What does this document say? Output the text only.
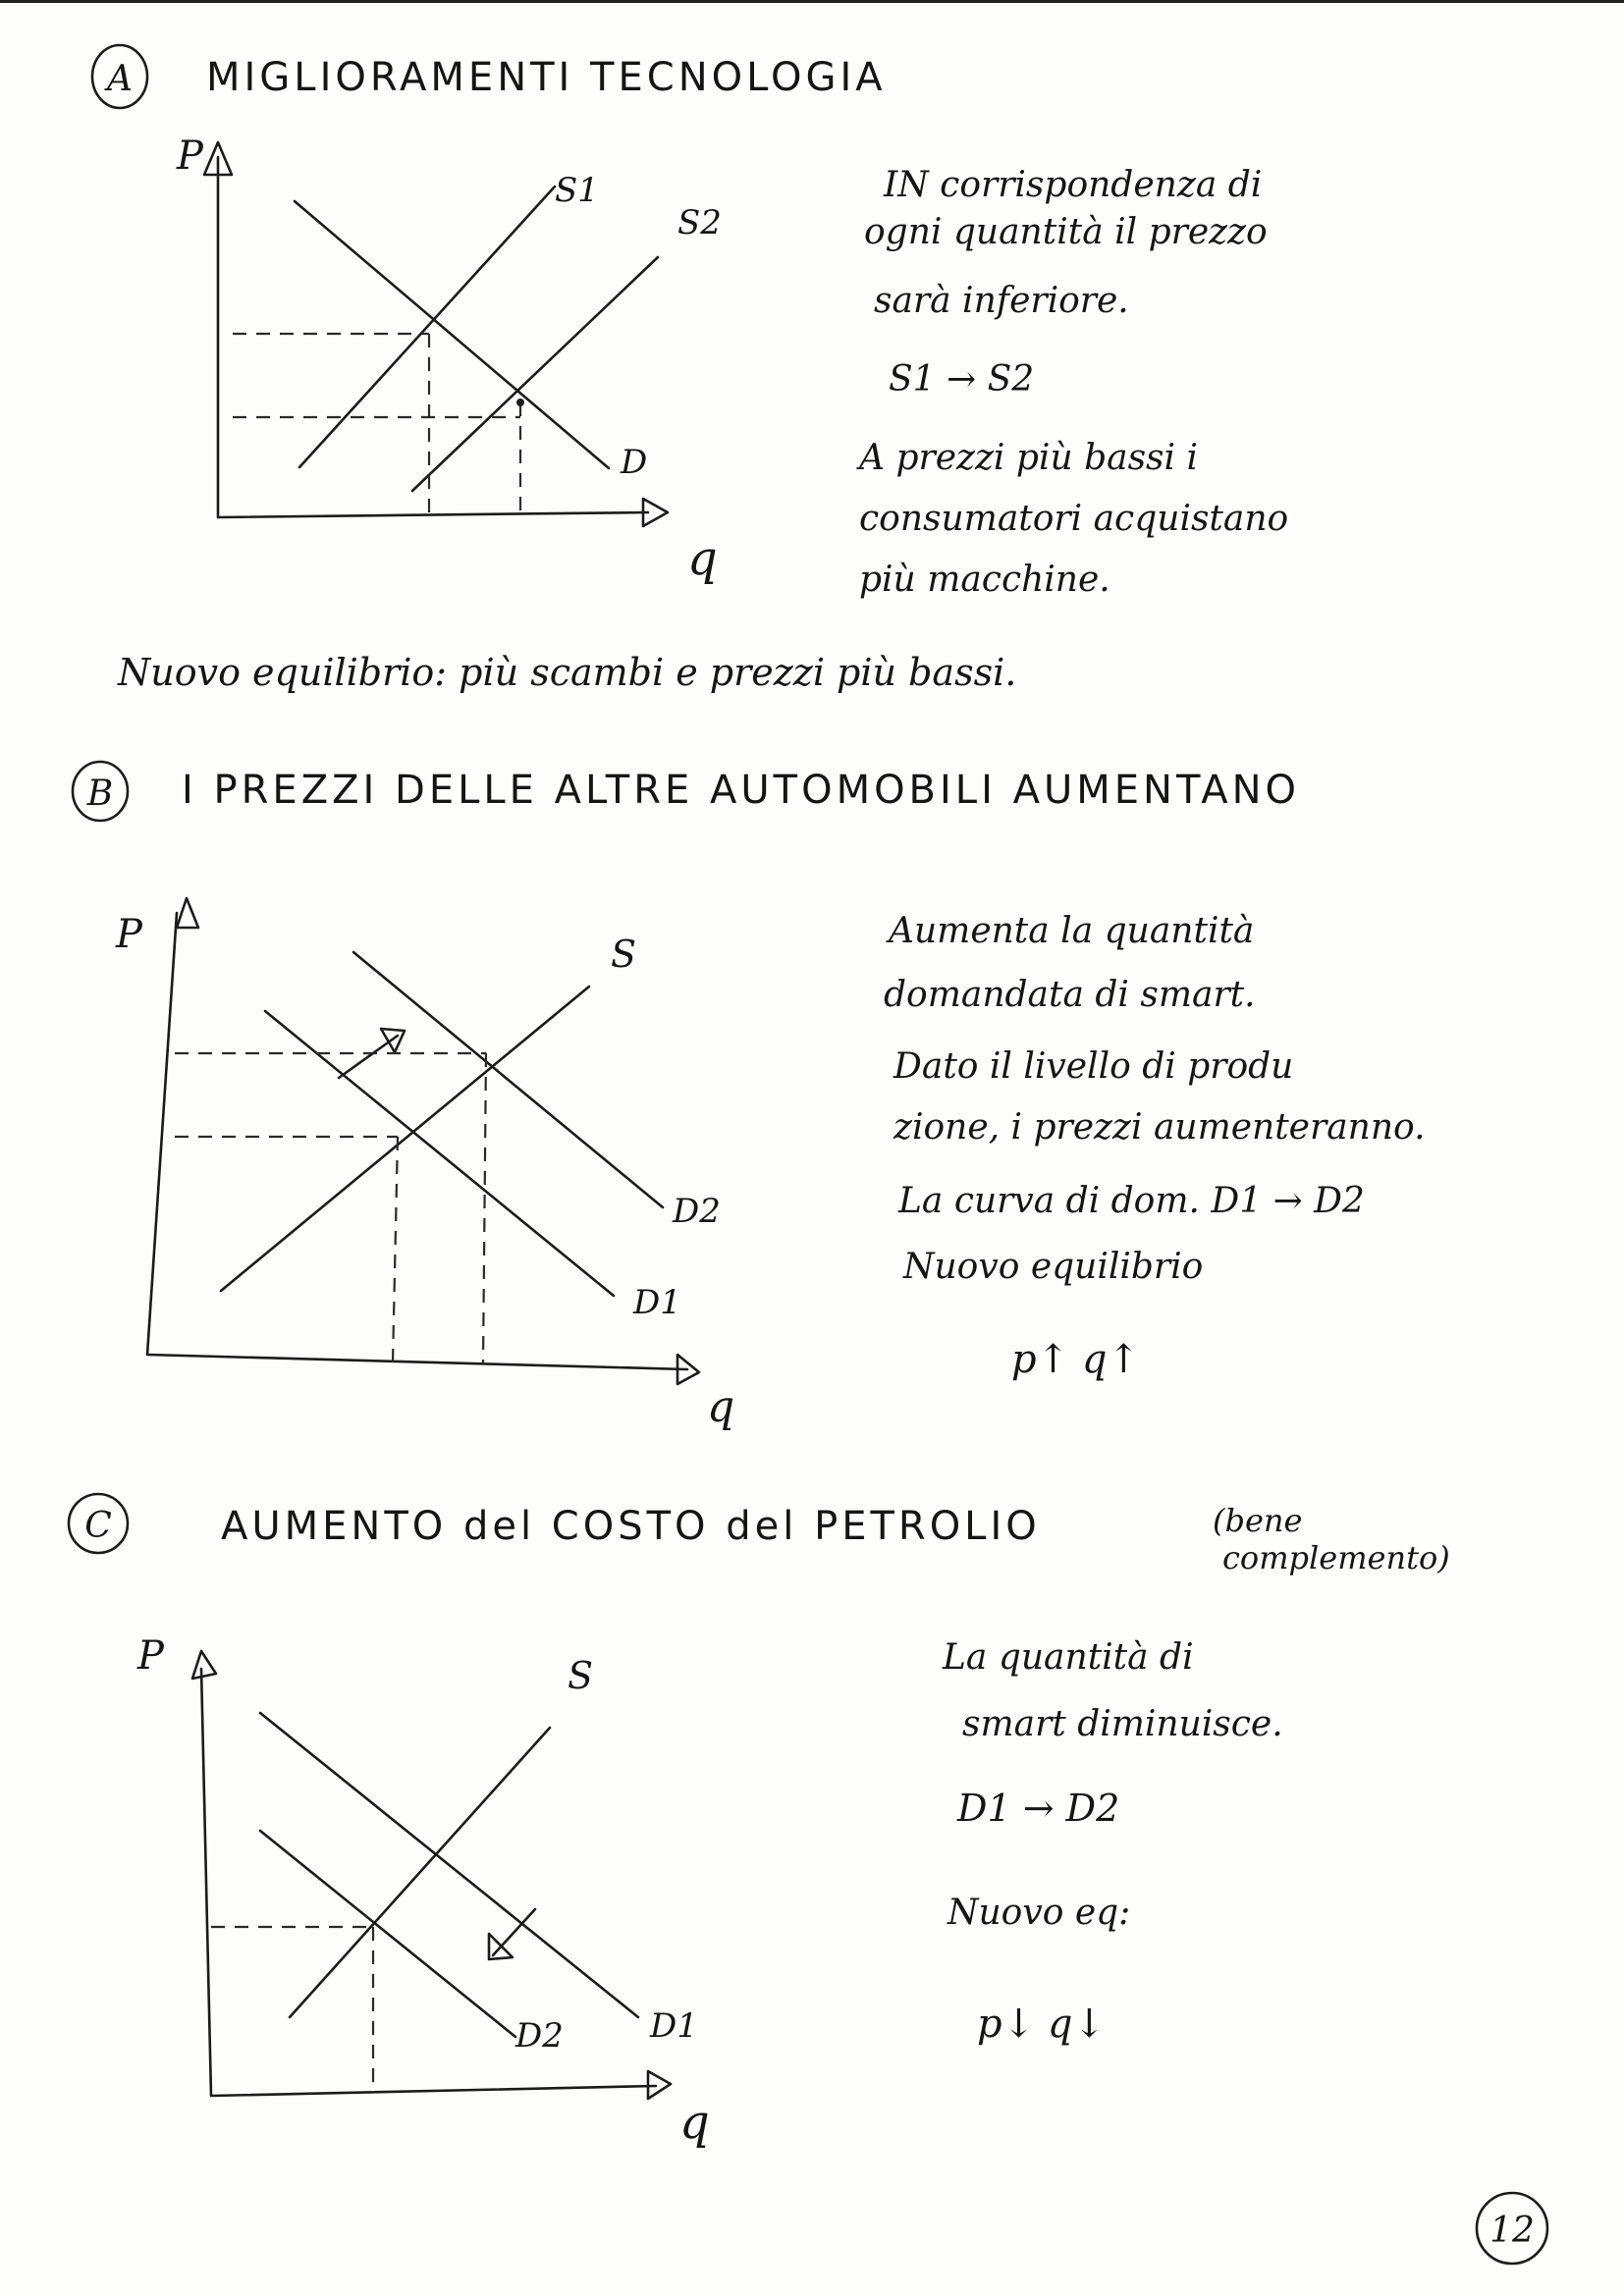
A MIGLIORAMENTI TECNOLOGIA
P
q
S1
S2
D
IN corrispondenza di
ogni quantità il prezzo
sarà inferiore.
S1 → S2
A prezzi più bassi i
consumatori acquistano
più macchine.
Nuovo equilibrio: più scambi e prezzi più bassi.
B I PREZZI DELLE ALTRE AUTOMOBILI AUMENTANO
P
q
S
D2
D1
Aumenta la quantità
domandata di smart.
Dato il livello di produ
zione, i prezzi aumenteranno.
La curva di dom. D1 → D2
Nuovo equilibrio
p↑ q↑
C	AUMENTO del COSTO del PETROLIO	(bene
complemento)
P
q
S
D1
D2
La quantità di
smart diminuisce.
D1 → D2
Nuovo eq:
p↓ q↓
12
